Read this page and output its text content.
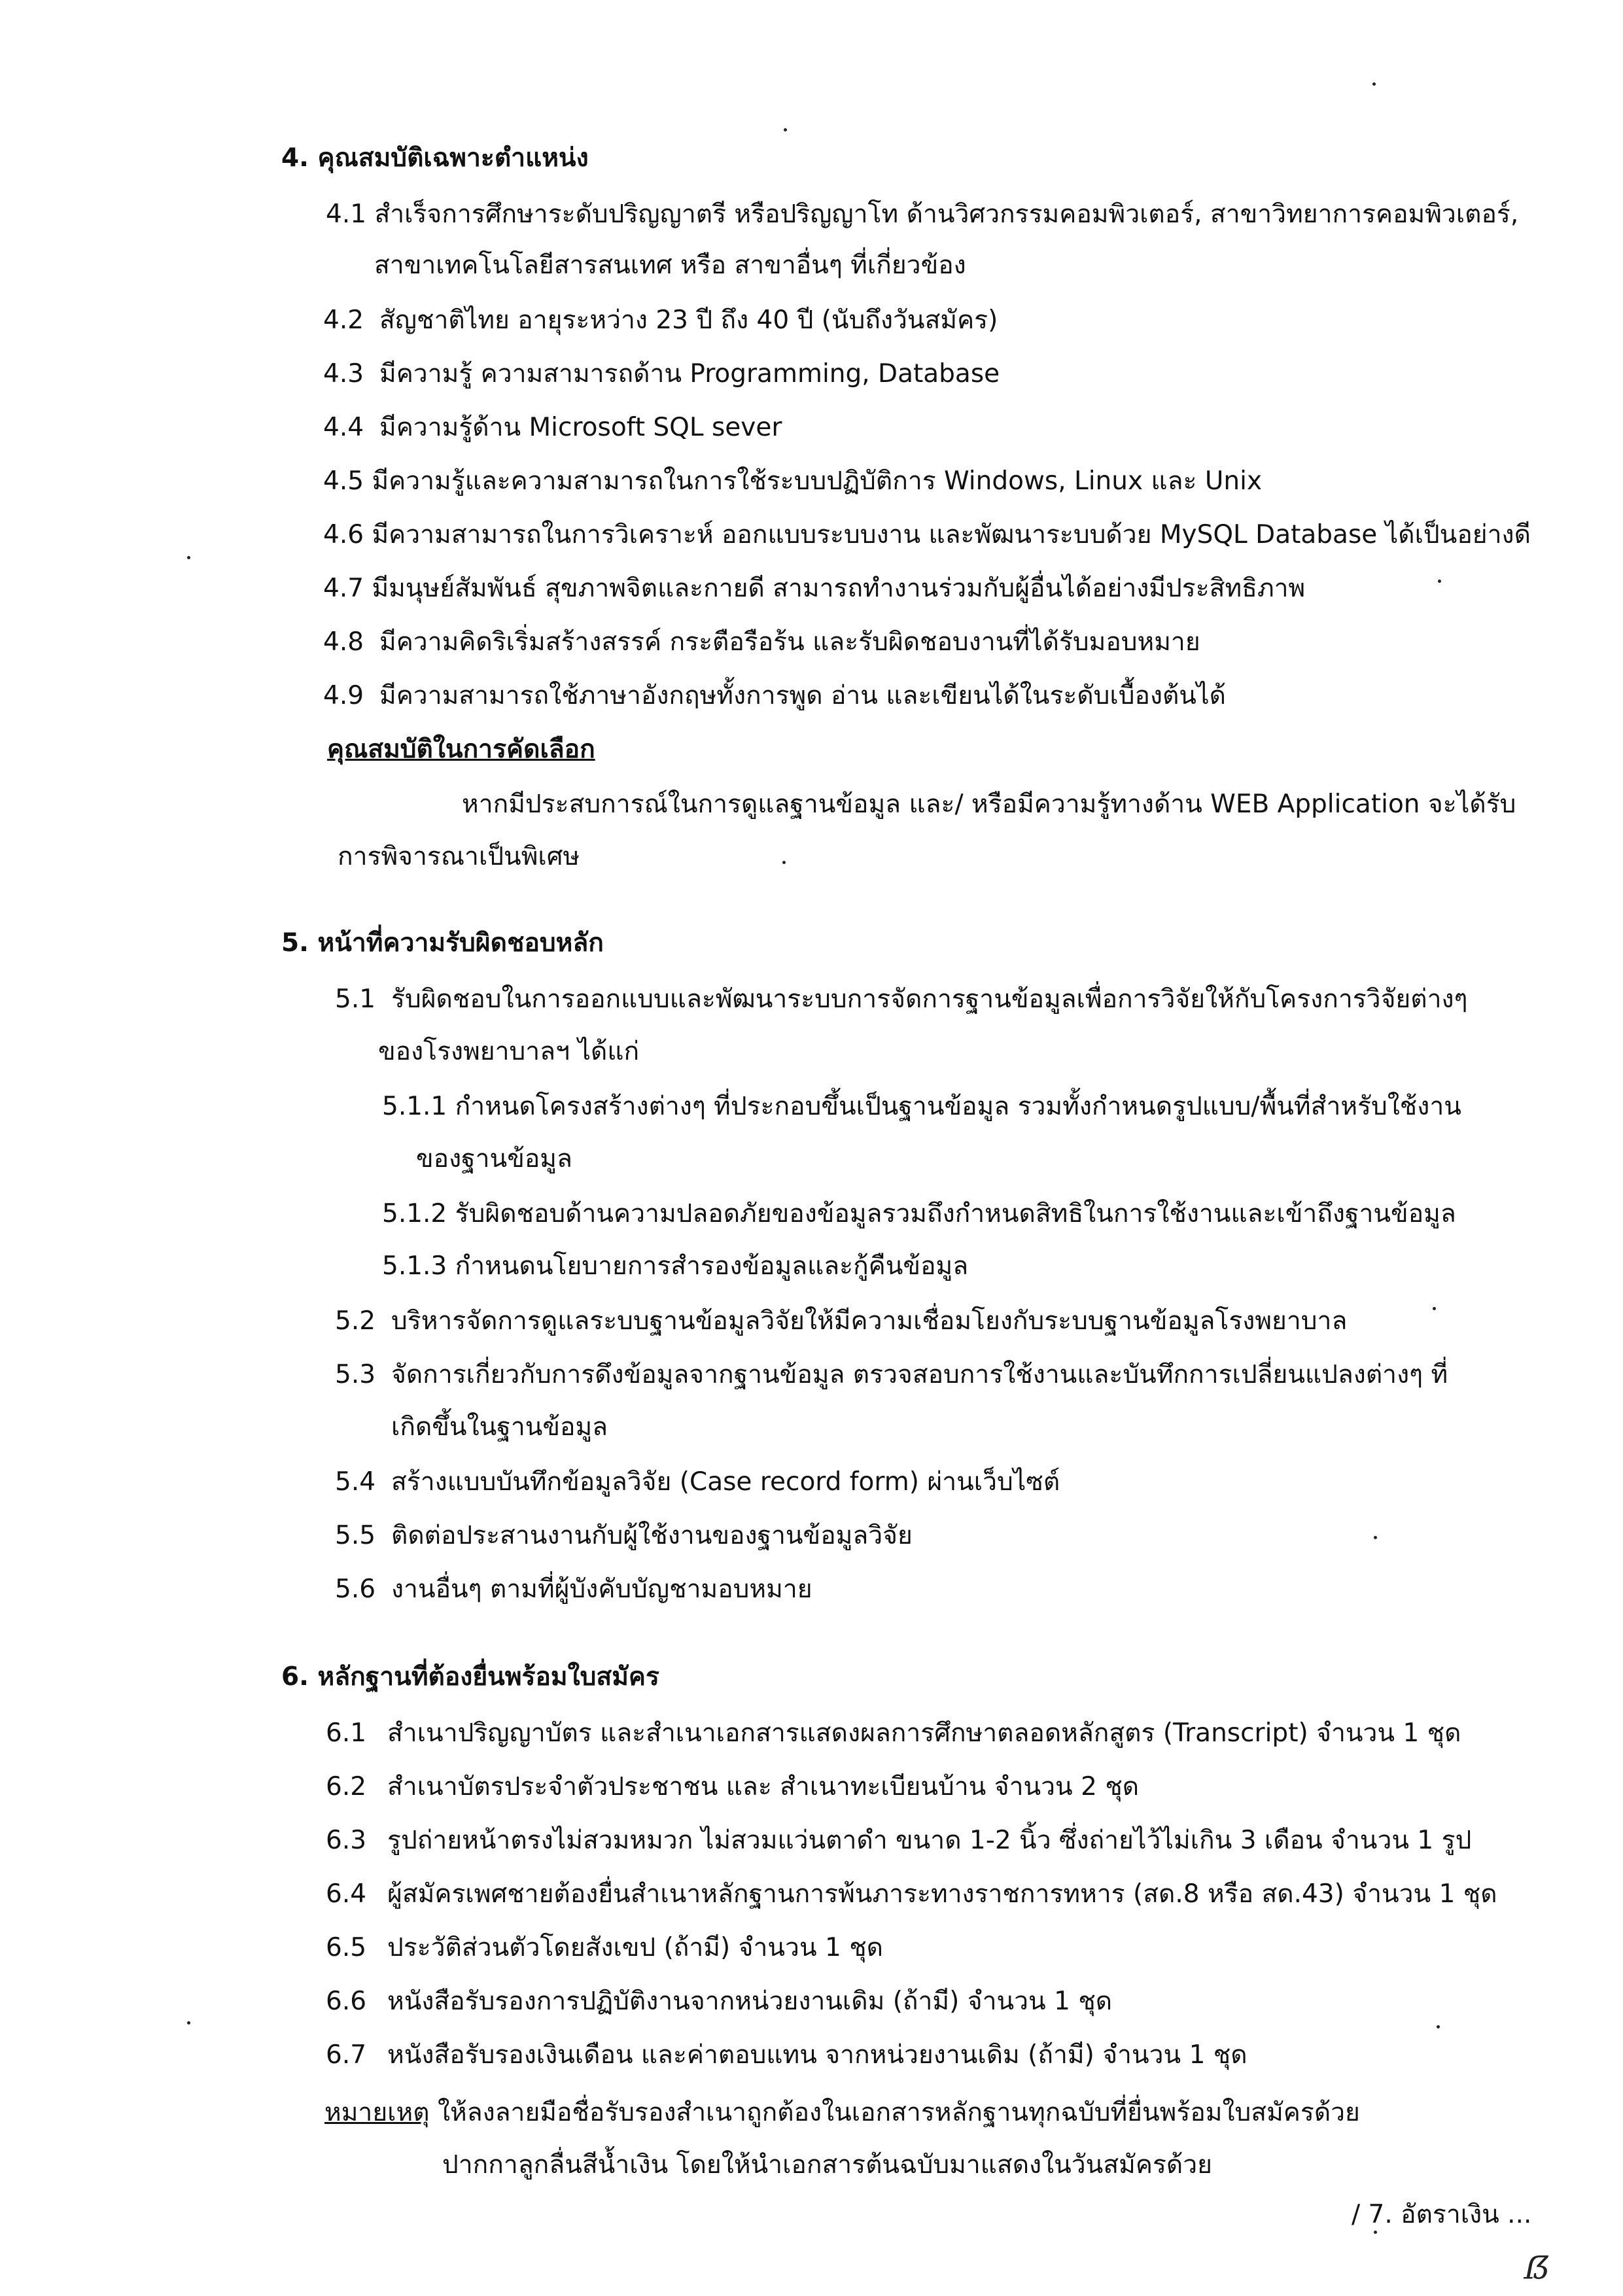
4. คุณสมบัติเฉพาะตำแหน่ง
4.1 สำเร็จการศึกษาระดับปริญญาตรี หรือปริญญาโท ด้านวิศวกรรมคอมพิวเตอร์, สาขาวิทยาการคอมพิวเตอร์,
สาขาเทคโนโลยีสารสนเทศ หรือ สาขาอื่นๆ ที่เกี่ยวข้อง
4.2 สัญชาติไทย อายุระหว่าง 23 ปี ถึง 40 ปี (นับถึงวันสมัคร)
4.3 มีความรู้ ความสามารถด้าน Programming, Database
4.4 มีความรู้ด้าน Microsoft SQL sever
4.5 มีความรู้และความสามารถในการใช้ระบบปฏิบัติการ Windows, Linux และ Unix
4.6 มีความสามารถในการวิเคราะห์ ออกแบบระบบงาน และพัฒนาระบบด้วย MySQL Database ได้เป็นอย่างดี
4.7 มีมนุษย์สัมพันธ์ สุขภาพจิตและกายดี สามารถทำงานร่วมกับผู้อื่นได้อย่างมีประสิทธิภาพ
4.8 มีความคิดริเริ่มสร้างสรรค์ กระตือรือร้น และรับผิดชอบงานที่ได้รับมอบหมาย
4.9 มีความสามารถใช้ภาษาอังกฤษทั้งการพูด อ่าน และเขียนได้ในระดับเบื้องต้นได้
คุณสมบัติในการคัดเลือก
หากมีประสบการณ์ในการดูแลฐานข้อมูล และ/ หรือมีความรู้ทางด้าน WEB Application จะได้รับ
การพิจารณาเป็นพิเศษ
5. หน้าที่ความรับผิดชอบหลัก
5.1 รับผิดชอบในการออกแบบและพัฒนาระบบการจัดการฐานข้อมูลเพื่อการวิจัยให้กับโครงการวิจัยต่างๆ
ของโรงพยาบาลฯ ได้แก่
5.1.1 กำหนดโครงสร้างต่างๆ ที่ประกอบขึ้นเป็นฐานข้อมูล รวมทั้งกำหนดรูปแบบ/พื้นที่สำหรับใช้งาน
ของฐานข้อมูล
5.1.2 รับผิดชอบด้านความปลอดภัยของข้อมูลรวมถึงกำหนดสิทธิในการใช้งานและเข้าถึงฐานข้อมูล
5.1.3 กำหนดนโยบายการสำรองข้อมูลและกู้คืนข้อมูล
5.2 บริหารจัดการดูแลระบบฐานข้อมูลวิจัยให้มีความเชื่อมโยงกับระบบฐานข้อมูลโรงพยาบาล
5.3 จัดการเกี่ยวกับการดึงข้อมูลจากฐานข้อมูล ตรวจสอบการใช้งานและบันทึกการเปลี่ยนแปลงต่างๆ ที่
เกิดขึ้นในฐานข้อมูล
5.4 สร้างแบบบันทึกข้อมูลวิจัย (Case record form) ผ่านเว็บไซต์
5.5 ติดต่อประสานงานกับผู้ใช้งานของฐานข้อมูลวิจัย
5.6 งานอื่นๆ ตามที่ผู้บังคับบัญชามอบหมาย
6. หลักฐานที่ต้องยื่นพร้อมใบสมัคร
6.1 สำเนาปริญญาบัตร และสำเนาเอกสารแสดงผลการศึกษาตลอดหลักสูตร (Transcript) จำนวน 1 ชุด
6.2 สำเนาบัตรประจำตัวประชาชน และ สำเนาทะเบียนบ้าน จำนวน 2 ชุด
6.3 รูปถ่ายหน้าตรงไม่สวมหมวก ไม่สวมแว่นตาดำ ขนาด 1-2 นิ้ว ซึ่งถ่ายไว้ไม่เกิน 3 เดือน จำนวน 1 รูป
6.4 ผู้สมัครเพศชายต้องยื่นสำเนาหลักฐานการพ้นภาระทางราชการทหาร (สด.8 หรือ สด.43) จำนวน 1 ชุด
6.5 ประวัติส่วนตัวโดยสังเขป (ถ้ามี) จำนวน 1 ชุด
6.6 หนังสือรับรองการปฏิบัติงานจากหน่วยงานเดิม (ถ้ามี) จำนวน 1 ชุด
6.7 หนังสือรับรองเงินเดือน และค่าตอบแทน จากหน่วยงานเดิม (ถ้ามี) จำนวน 1 ชุด
หมายเหตุ ให้ลงลายมือชื่อรับรองสำเนาถูกต้องในเอกสารหลักฐานทุกฉบับที่ยื่นพร้อมใบสมัครด้วย
ปากกาลูกลื่นสีน้ำเงิน โดยให้นำเอกสารต้นฉบับมาแสดงในวันสมัครด้วย
/ 7. อัตราเงิน ...
ẞ
